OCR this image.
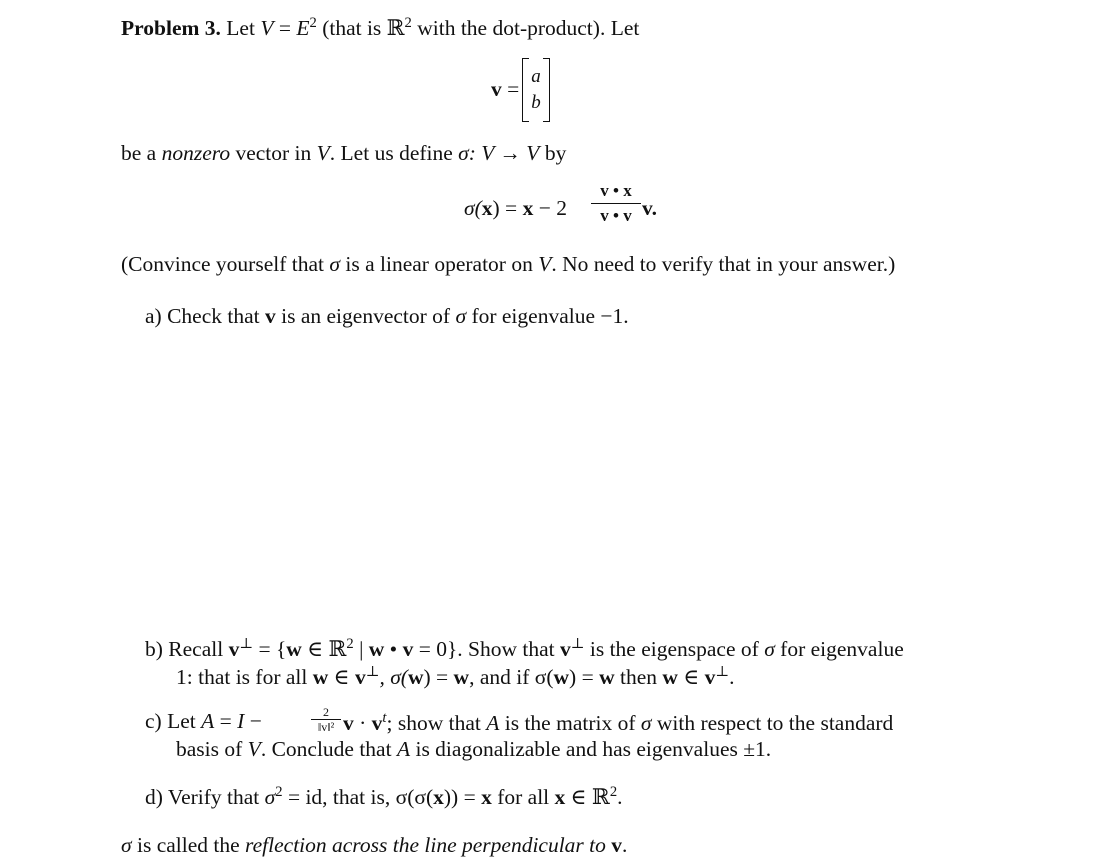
Problem 3. Let $V = E^2$ (that is ℝ$^2$ with the dot-product). Let
v =
a
b
be a nonzero vector in V. Let us define σ: V → V by
σ(x) = x − 2
v • x
v • v v.
(Convince yourself that σ is a linear operator on V. No need to verify that in your answer.)
a) Check that v is an eigenvector of σ for eigenvalue −1.
b) Recall v⊥ = {w ∈ ℝ$^2$ | w • v = 0}. Show that v⊥ is the eigenspace of σ for eigenvalue
1: that is for all w ∈ v⊥, σ(w) = w, and if σ(w) = w then w ∈ v⊥.
c) Let A = I −	2
‖v‖² $v \cdot v^t$; show that A is the matrix of σ with respect to the standard
basis of V. Conclude that A is diagonalizable and has eigenvalues ±1.
d) Verify that $\sigma^2$ = id, that is, σ(σ(x)) = x for all x ∈ ℝ$^2$.
σ is called the reflection across the line perpendicular to v.
